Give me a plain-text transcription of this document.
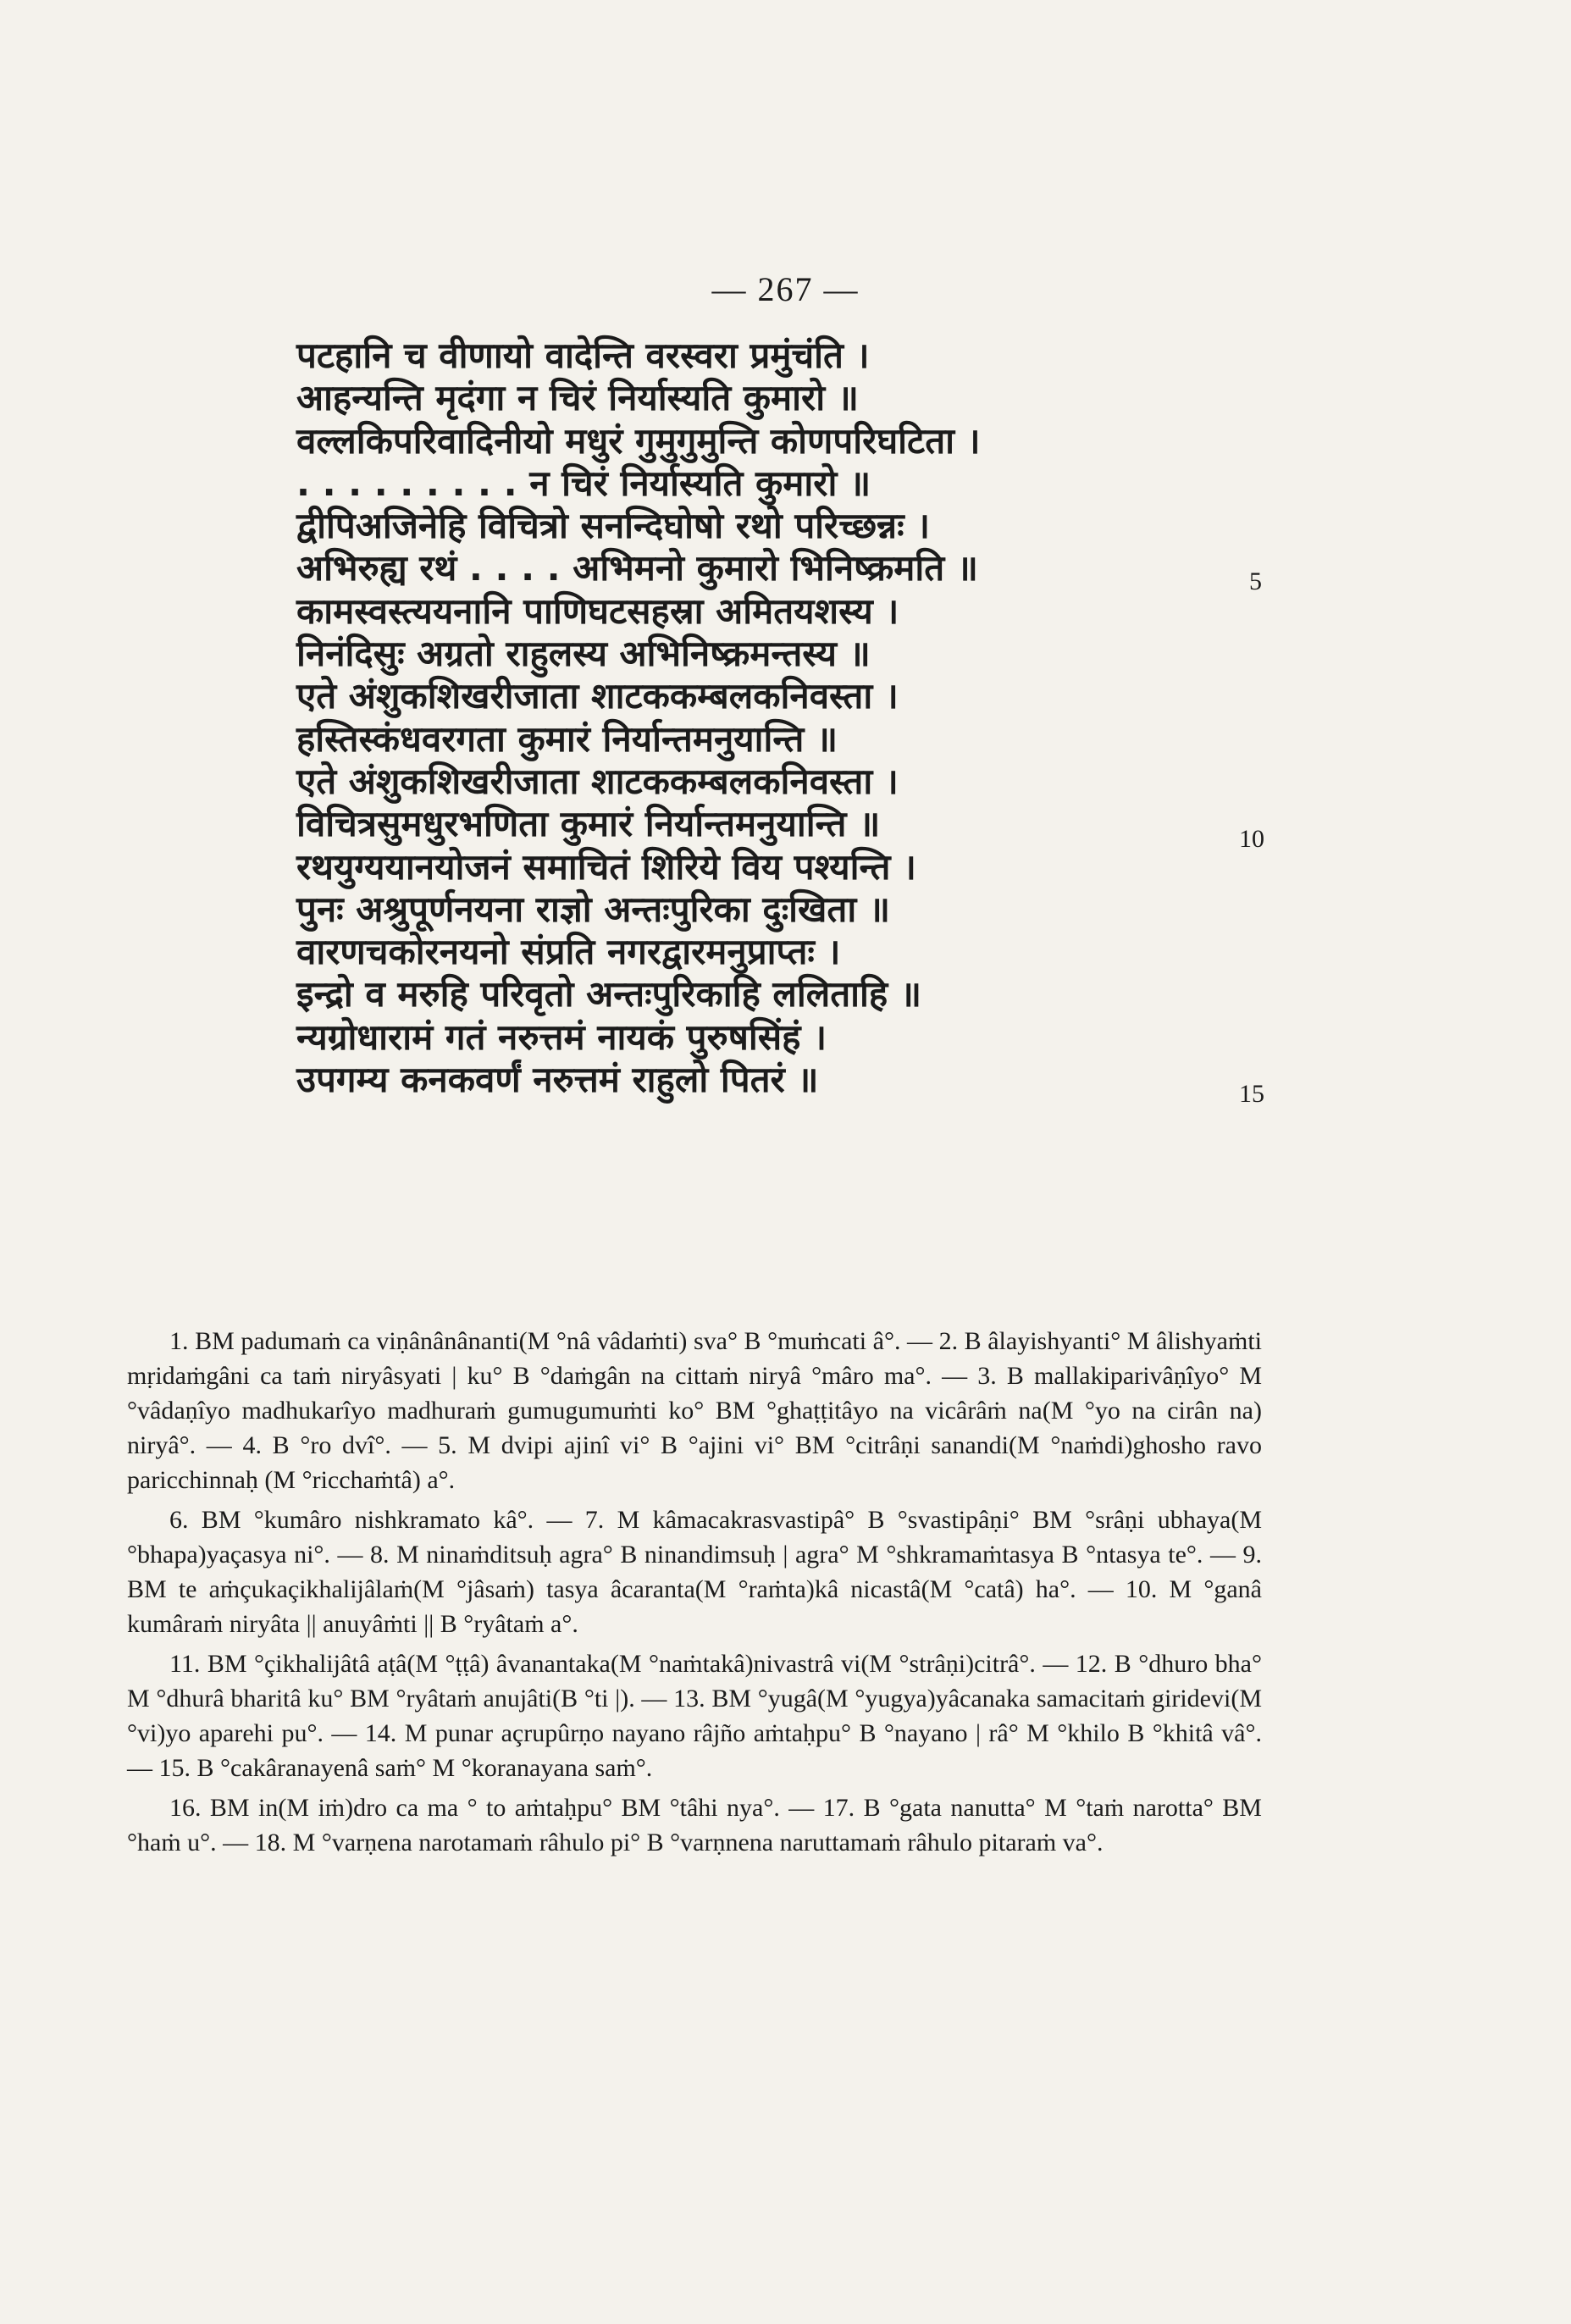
— 267 —
पटहानि च वीणायो वादेन्ति वरस्वरा प्रमुंचंति ।
आहन्यन्ति मृदंगा न चिरं निर्यास्यति कुमारो ॥
वल्लकिपरिवादिनीयो मधुरं गुमुगुमुन्ति कोणपरिघटिता ।
. . . . . . . . . न चिरं निर्यास्यति कुमारो ॥
द्वीपिअजिनेहि विचित्रो सनन्दिघोषो रथो परिच्छन्नः ।
अभिरुह्य रथं . . . . अभिमनो कुमारो भिनिष्क्रमति ॥
कामस्वस्त्ययनानि पाणिघटसहस्रा अमितयशस्य ।
निनंदिसुः अग्रतो राहुलस्य अभिनिष्क्रमन्तस्य ॥
एते अंशुकशिखरीजाता शाटककम्बलकनिवस्ता ।
हस्तिस्कंधवरगता कुमारं निर्यान्तमनुयान्ति ॥
एते अंशुकशिखरीजाता शाटककम्बलकनिवस्ता ।
विचित्रसुमधुरभणिता कुमारं निर्यान्तमनुयान्ति ॥
रथयुग्ययानयोजनं समाचितं शिरिये विय पश्यन्ति ।
पुनः अश्रुपूर्णनयना राज्ञो अन्तःपुरिका दुःखिता ॥
वारणचकोरनयनो संप्रति नगरद्वारमनुप्राप्तः ।
इन्द्रो व मरुहि परिवृतो अन्तःपुरिकाहि ललिताहि ॥
न्यग्रोधारामं गतं नरुत्तमं नायकं पुरुषसिंहं ।
उपगम्य कनकवर्णं नरुत्तमं राहुलो पितरं ॥
5
10
15

1. BM padumaṁ ca viṇânânânanti(M °nâ vâdaṁti) sva° B °muṁcati â°. — 2. B âlayishyanti° M âlishyaṁti mṛidaṁgâni ca taṁ niryâsyati | ku° B °daṁgân na cittaṁ niryâ °mâro ma°. — 3. B mallakiparivâṇîyo° M °vâdaṇîyo madhukarîyo madhuraṁ gumugumuṁti ko° BM °ghaṭṭitâyo na vicârâṁ na(M °yo na cirân na) niryâ°. — 4. B °ro dvî°. — 5. M dvipi ajinî vi° B °ajini vi° BM °citrâṇi sanandi(M °naṁdi)ghosho ravo paricchinnaḥ (M °ricchaṁtâ) a°.

6. BM °kumâro nishkramato kâ°. — 7. M kâmacakrasvastipâ° B °svastipâṇi° BM °srâṇi ubhaya(M °bhapa)yaçasya ni°. — 8. M ninaṁditsuḥ agra° B ninandimsuḥ | agra° M °shkramaṁtasya B °ntasya te°. — 9. BM te aṁçukaçikhalijâlaṁ(M °jâsaṁ) tasya âcaranta(M °raṁta)kâ nicastâ(M °catâ) ha°. — 10. M °ganâ kumâraṁ niryâta || anuyâṁti || B °ryâtaṁ a°.

11. BM °çikhalijâtâ aṭâ(M °ṭṭâ) âvanantaka(M °naṁtakâ)nivastrâ vi(M °strâṇi)citrâ°. — 12. B °dhuro bha° M °dhurâ bharitâ ku° BM °ryâtaṁ anujâti(B °ti |). — 13. BM °yugâ(M °yugya)yâcanaka samacitaṁ giridevi(M °vi)yo aparehi pu°. — 14. M punar açrupûrṇo nayano râjño aṁtaḥpu° B °nayano | râ° M °khilo B °khitâ vâ°. — 15. B °cakâranayenâ saṁ° M °koranayana saṁ°.

16. BM in(M iṁ)dro ca ma ° to aṁtaḥpu° BM °tâhi nya°. — 17. B °gata nanutta° M °taṁ narotta° BM °haṁ u°. — 18. M °varṇena narotamaṁ râhulo pi° B °varṇnena naruttamaṁ râhulo pitaraṁ va°.
